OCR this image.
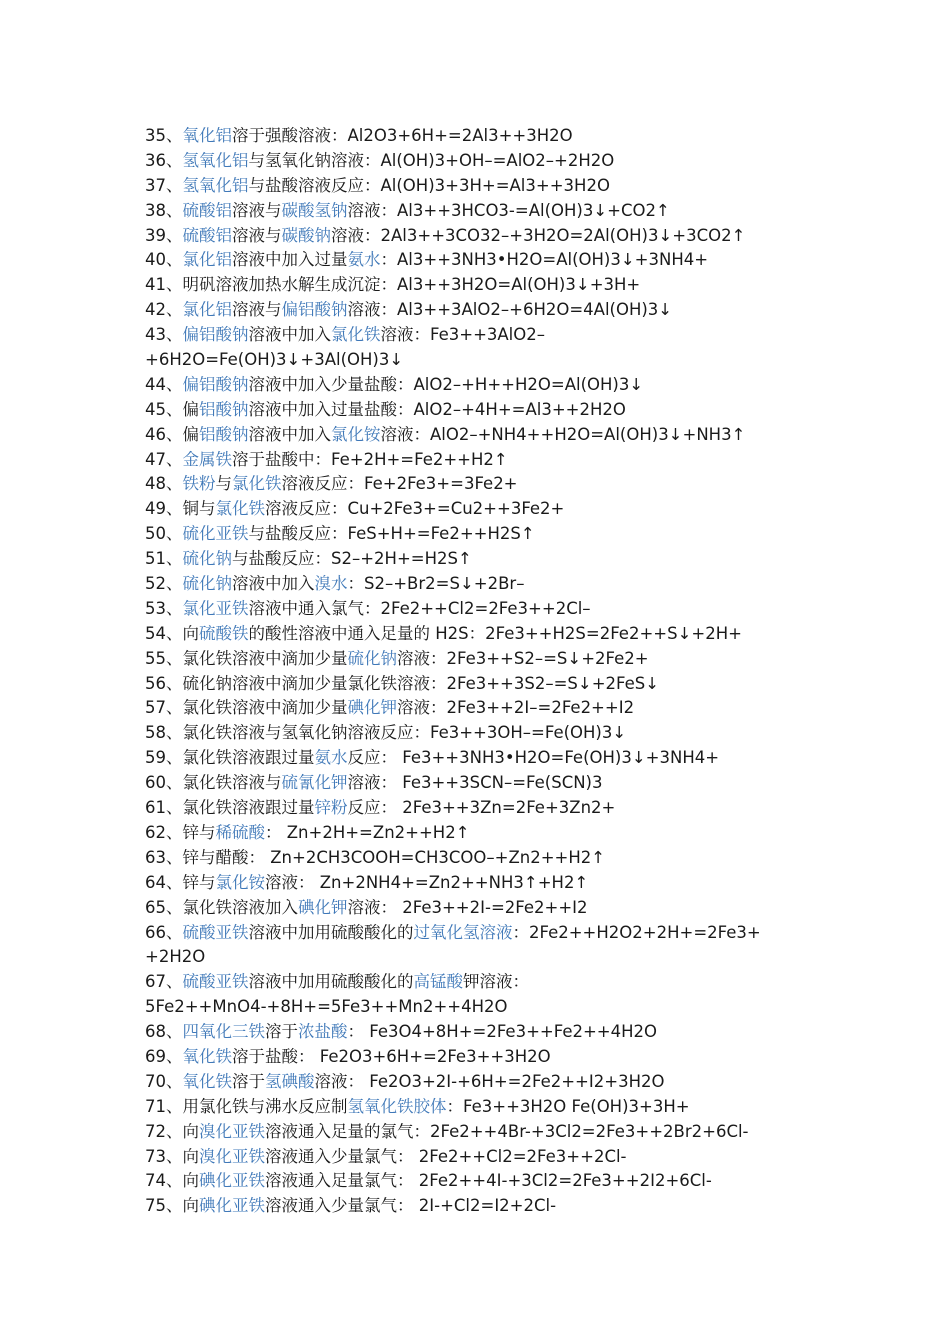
35、氧化铝溶于强酸溶液：Al2O3+6H+=2Al3++3H2O
36、氢氧化铝与氢氧化钠溶液：Al(OH)3+OH–=AlO2–+2H2O
37、氢氧化铝与盐酸溶液反应：Al(OH)3+3H+=Al3++3H2O
38、硫酸铝溶液与碳酸氢钠溶液：Al3++3HCO3-=Al(OH)3↓+CO2↑
39、硫酸铝溶液与碳酸钠溶液：2Al3++3CO32–+3H2O=2Al(OH)3↓+3CO2↑
40、氯化铝溶液中加入过量氨水：Al3++3NH3•H2O=Al(OH)3↓+3NH4+
41、明矾溶液加热水解生成沉淀：Al3++3H2O=Al(OH)3↓+3H+
42、氯化铝溶液与偏铝酸钠溶液：Al3++3AlO2–+6H2O=4Al(OH)3↓
43、偏铝酸钠溶液中加入氯化铁溶液：Fe3++3AlO2–
+6H2O=Fe(OH)3↓+3Al(OH)3↓
44、偏铝酸钠溶液中加入少量盐酸：AlO2–+H++H2O=Al(OH)3↓
45、偏铝酸钠溶液中加入过量盐酸：AlO2–+4H+=Al3++2H2O
46、偏铝酸钠溶液中加入氯化铵溶液：AlO2–+NH4++H2O=Al(OH)3↓+NH3↑
47、金属铁溶于盐酸中：Fe+2H+=Fe2++H2↑
48、铁粉与氯化铁溶液反应：Fe+2Fe3+=3Fe2+
49、铜与氯化铁溶液反应：Cu+2Fe3+=Cu2++3Fe2+
50、硫化亚铁与盐酸反应：FeS+H+=Fe2++H2S↑
51、硫化钠与盐酸反应：S2–+2H+=H2S↑
52、硫化钠溶液中加入溴水：S2–+Br2=S↓+2Br–
53、氯化亚铁溶液中通入氯气：2Fe2++Cl2=2Fe3++2Cl–
54、向硫酸铁的酸性溶液中通入足量的 H2S：2Fe3++H2S=2Fe2++S↓+2H+
55、氯化铁溶液中滴加少量硫化钠溶液：2Fe3++S2–=S↓+2Fe2+
56、硫化钠溶液中滴加少量氯化铁溶液：2Fe3++3S2–=S↓+2FeS↓
57、氯化铁溶液中滴加少量碘化钾溶液：2Fe3++2I–=2Fe2++I2
58、氯化铁溶液与氢氧化钠溶液反应：Fe3++3OH–=Fe(OH)3↓
59、氯化铁溶液跟过量氨水反应： Fe3++3NH3•H2O=Fe(OH)3↓+3NH4+
60、氯化铁溶液与硫氰化钾溶液： Fe3++3SCN–=Fe(SCN)3
61、氯化铁溶液跟过量锌粉反应： 2Fe3++3Zn=2Fe+3Zn2+
62、锌与稀硫酸： Zn+2H+=Zn2++H2↑
63、锌与醋酸： Zn+2CH3COOH=CH3COO–+Zn2++H2↑
64、锌与氯化铵溶液： Zn+2NH4+=Zn2++NH3↑+H2↑
65、氯化铁溶液加入碘化钾溶液： 2Fe3++2I-=2Fe2++I2
66、硫酸亚铁溶液中加用硫酸酸化的过氧化氢溶液：2Fe2++H2O2+2H+=2Fe3+
+2H2O
67、硫酸亚铁溶液中加用硫酸酸化的高锰酸钾溶液：
5Fe2++MnO4-+8H+=5Fe3++Mn2++4H2O
68、四氧化三铁溶于浓盐酸： Fe3O4+8H+=2Fe3++Fe2++4H2O
69、氧化铁溶于盐酸： Fe2O3+6H+=2Fe3++3H2O
70、氧化铁溶于氢碘酸溶液： Fe2O3+2I-+6H+=2Fe2++I2+3H2O
71、用氯化铁与沸水反应制氢氧化铁胶体：Fe3++3H2O Fe(OH)3+3H+
72、向溴化亚铁溶液通入足量的氯气：2Fe2++4Br-+3Cl2=2Fe3++2Br2+6Cl-
73、向溴化亚铁溶液通入少量氯气： 2Fe2++Cl2=2Fe3++2Cl-
74、向碘化亚铁溶液通入足量氯气： 2Fe2++4I-+3Cl2=2Fe3++2I2+6Cl-
75、向碘化亚铁溶液通入少量氯气： 2I-+Cl2=I2+2Cl-
